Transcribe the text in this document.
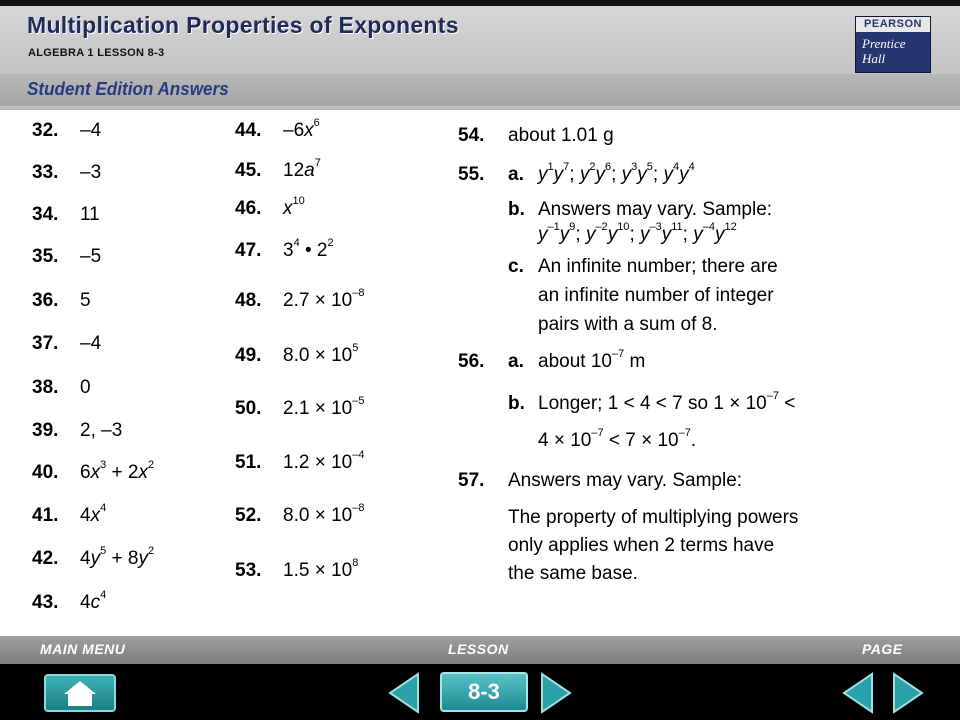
Multiplication Properties of Exponents
ALGEBRA 1 LESSON 8-3
Student Edition Answers
PEARSON
Prentice
Hall
32. –4
33. –3
34. 11
35. –5
36. 5
37. –4
38. 0
39. 2, –3
40. $6x^3 + 2x^2$
41. $4x^4$
42. $4y^5 + 8y^2$
43. $4c^4$
44. $-6x^6$
45. $12a^7$
46. $x^{10}$
47. $3^4$ • $2^2$
48. $2.7 \times 10^{-8}$
49. $8.0 \times 10^5$
50. $2.1 \times 10^{-5}$
51. $1.2 \times 10^{-4}$
52. $8.0 \times 10^{-8}$
53. $1.5 \times 10^8$
54. about 1.01 g
55. a. $y^1y^7$; $y^2y^6$; $y^3y^5$; $y^4y^4$
b. Answers may vary. Sample:
$y^{-1}y^9$; $y^{-2}y^{10}$; $y^{-3}y^{11}$; $y^{-4}y^{12}$
c. An infinite number; there are
an infinite number of integer
pairs with a sum of 8.
56. a. about $10^{-7}$ m
b. Longer; 1 < 4 < 7 so $1 \times 10^{-7}$ <
$4 \times 10^{-7} < 7 \times 10^{-7}$.
57. Answers may vary. Sample:
The property of multiplying powers
only applies when 2 terms have
the same base.
MAIN MENU	LESSON	PAGE
8-3
